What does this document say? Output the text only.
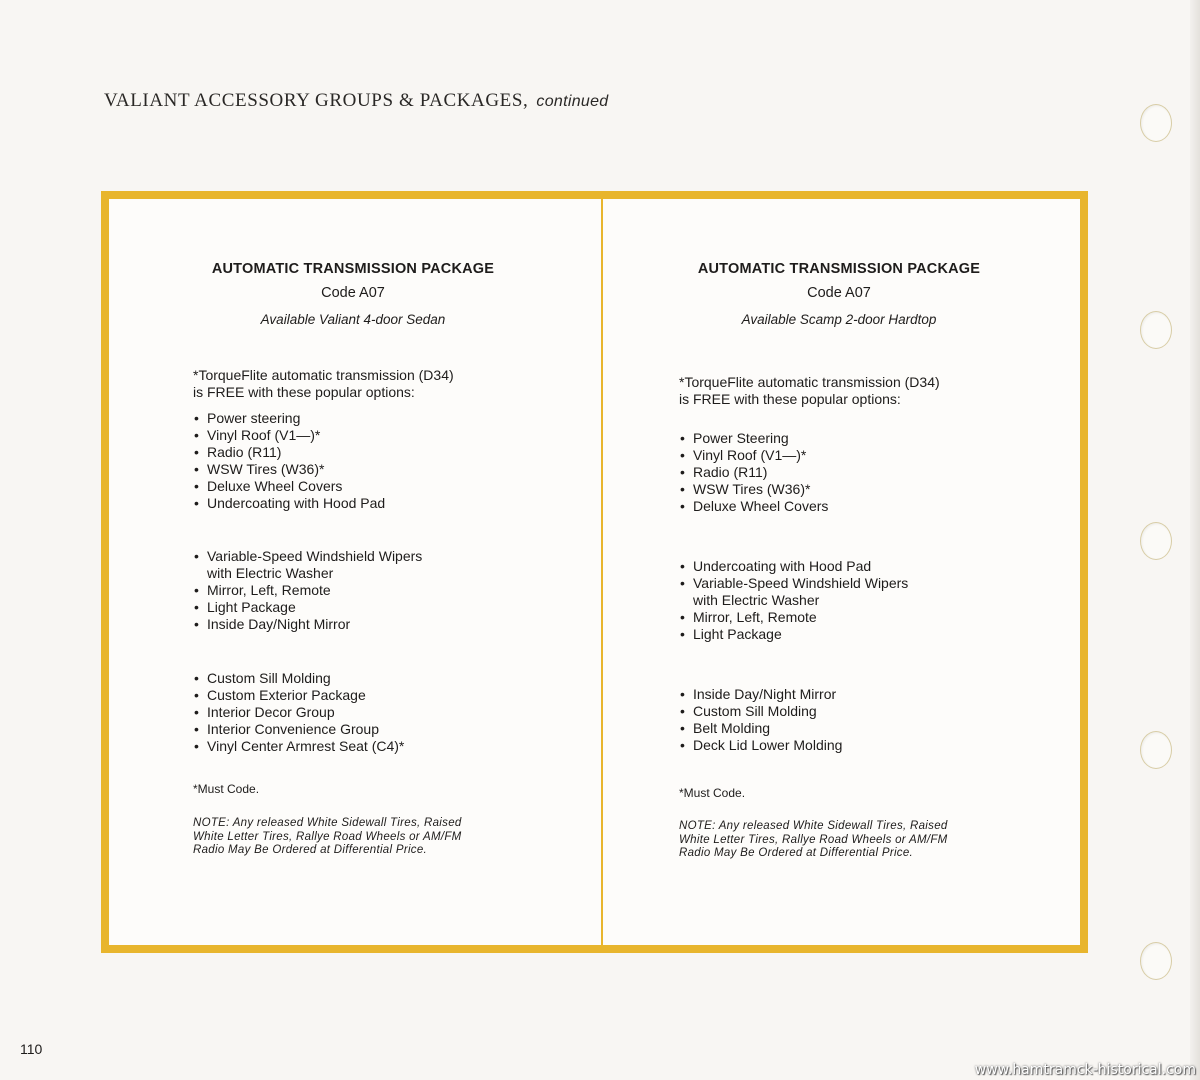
VALIANT ACCESSORY GROUPS & PACKAGES, continued
AUTOMATIC TRANSMISSION PACKAGE
Code A07
Available Valiant 4-door Sedan
*TorqueFlite automatic transmission (D34)
is FREE with these popular options:
• Power steering
• Vinyl Roof (V1—)*
• Radio (R11)
• WSW Tires (W36)*
• Deluxe Wheel Covers
• Undercoating with Hood Pad
• Variable-Speed Windshield Wipers
with Electric Washer
• Mirror, Left, Remote
• Light Package
• Inside Day/Night Mirror
• Custom Sill Molding
• Custom Exterior Package
• Interior Decor Group
• Interior Convenience Group
• Vinyl Center Armrest Seat (C4)*
*Must Code.
NOTE: Any released White Sidewall Tires, Raised
White Letter Tires, Rallye Road Wheels or AM/FM
Radio May Be Ordered at Differential Price.
AUTOMATIC TRANSMISSION PACKAGE
Code A07
Available Scamp 2-door Hardtop
*TorqueFlite automatic transmission (D34)
is FREE with these popular options:
• Power Steering
• Vinyl Roof (V1—)*
• Radio (R11)
• WSW Tires (W36)*
• Deluxe Wheel Covers
• Undercoating with Hood Pad
• Variable-Speed Windshield Wipers
with Electric Washer
• Mirror, Left, Remote
• Light Package
• Inside Day/Night Mirror
• Custom Sill Molding
• Belt Molding
• Deck Lid Lower Molding
*Must Code.
NOTE: Any released White Sidewall Tires, Raised
White Letter Tires, Rallye Road Wheels or AM/FM
Radio May Be Ordered at Differential Price.
110
www.hamtramck-historical.com
